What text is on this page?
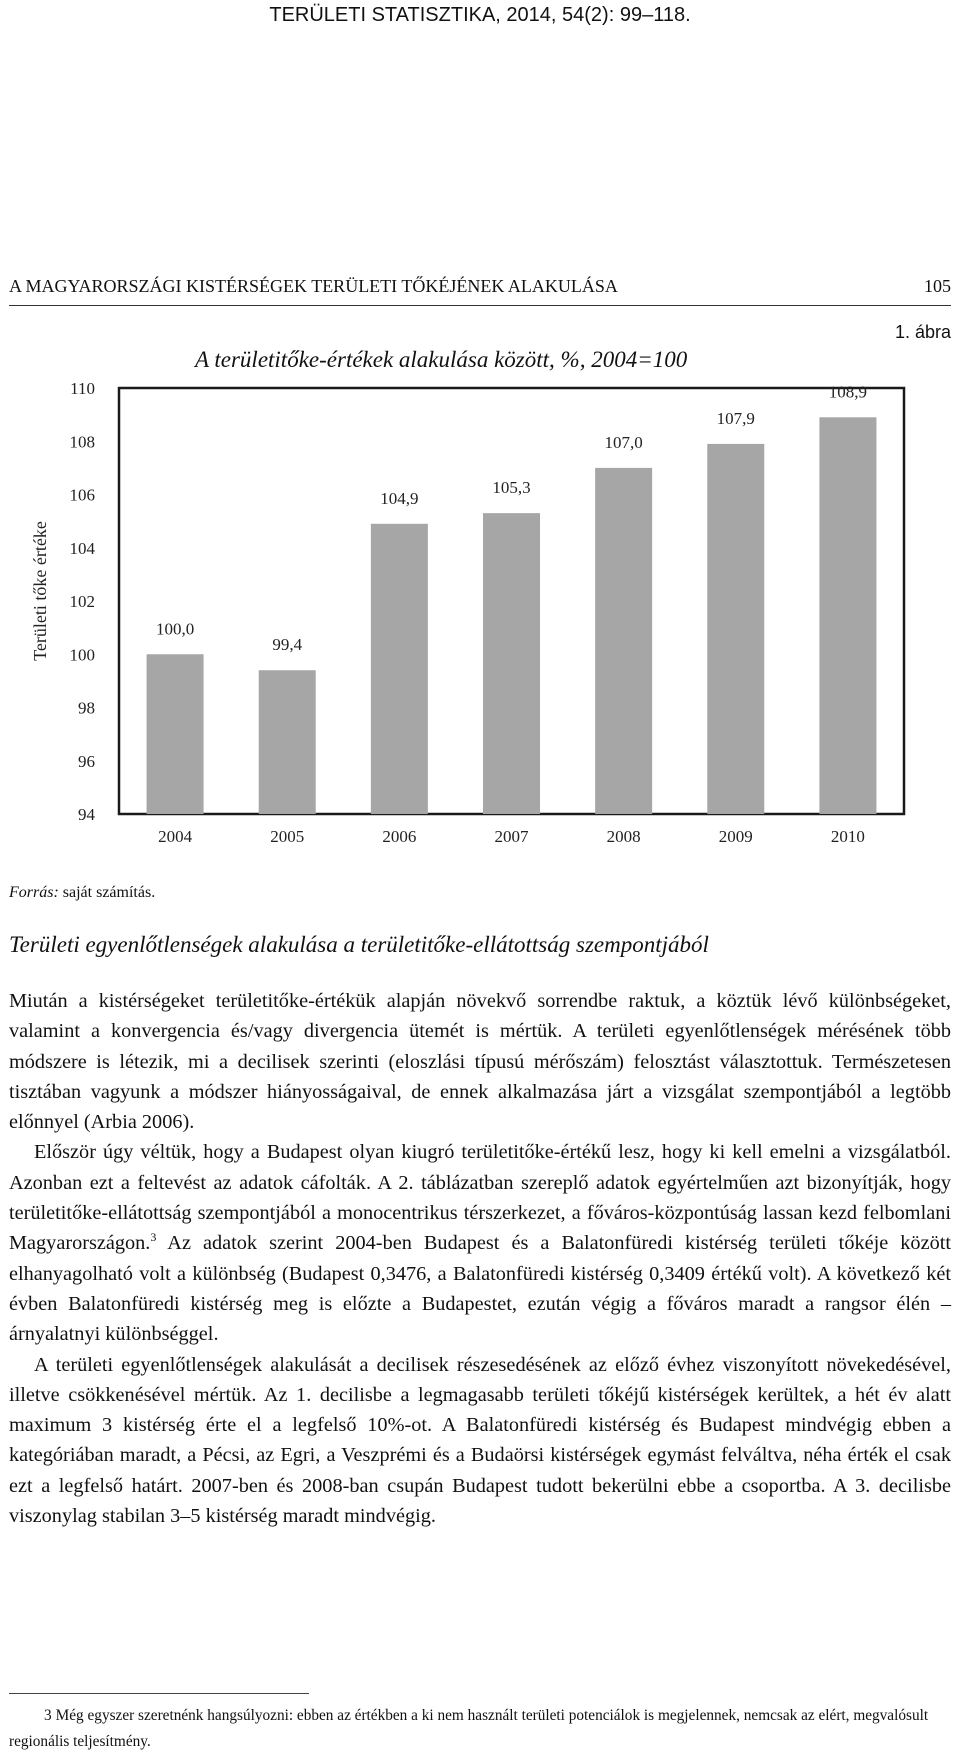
TERÜLETI STATISZTIKA, 2014, 54(2): 99–118.
A MAGYARORSZÁGI KISTÉRSÉGEK TERÜLETI TŐKÉJÉNEK ALAKULÁSA	105
1. ábra
A területitőke-értékek alakulása között, %, 2004=100
Területi tőke értéke
94
96
98
100
102
104
106
108
110
100,0
99,4
104,9
105,3
107,0
107,9
108,9
2004	2005	2006	2007	2008	2009	2010
Forrás: saját számítás.
Területi egyenlőtlenségek alakulása a területitőke-ellátottság szempontjából

Miután a kistérségeket területitőke-értékük alapján növekvő sorrendbe raktuk, a köztük lévő különbségeket, valamint a konvergencia és/vagy divergencia ütemét is mértük. A területi egyenlőtlenségek mérésének több módszere is létezik, mi a decilisek szerinti (eloszlási típusú mérőszám) felosztást választottuk. Természetesen tisztában vagyunk a módszer hiányosságaival, de ennek alkalmazása járt a vizsgálat szempontjából a legtöbb előnnyel (Arbia 2006).

Először úgy véltük, hogy a Budapest olyan kiugró területitőke-értékű lesz, hogy ki kell emelni a vizsgálatból. Azonban ezt a feltevést az adatok cáfolták. A 2. táblázatban szereplő adatok egyértelműen azt bizonyítják, hogy területitőke-ellátottság szempontjából a monocentrikus térszerkezet, a főváros-központúság lassan kezd felbomlani Magyarországon.$^3$ Az adatok szerint 2004-ben Budapest és a Balatonfüredi kistérség területi tőkéje között elhanyagolható volt a különbség (Budapest 0,3476, a Balatonfüredi kistérség 0,3409 értékű volt). A következő két évben Balatonfüredi kistérség meg is előzte a Budapestet, ezután végig a főváros maradt a rangsor élén – árnyalatnyi különbséggel.

A területi egyenlőtlenségek alakulását a decilisek részesedésének az előző évhez viszonyított növekedésével, illetve csökkenésével mértük. Az 1. decilisbe a legmagasabb területi tőkéjű kistérségek kerültek, a hét év alatt maximum 3 kistérség érte el a legfelső 10%-ot. A Balatonfüredi kistérség és Budapest mindvégig ebben a kategóriában maradt, a Pécsi, az Egri, a Veszprémi és a Budaörsi kistérségek egymást felváltva, néha érték el csak ezt a legfelső határt. 2007-ben és 2008-ban csupán Budapest tudott bekerülni ebbe a csoportba. A 3. decilisbe viszonylag stabilan 3–5 kistérség maradt mindvégig.

3 Még egyszer szeretnénk hangsúlyozni: ebben az értékben a ki nem használt területi potenciálok is megjelennek, nemcsak az elért, megvalósult regionális teljesítmény.
